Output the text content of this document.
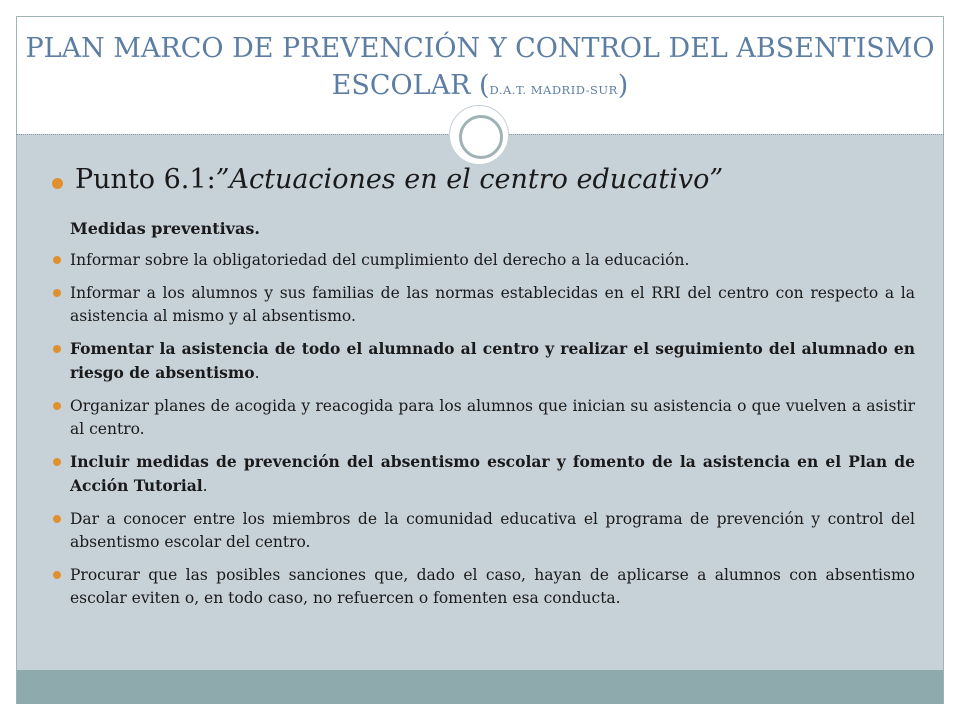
PLAN MARCO DE PREVENCIÓN Y CONTROL DEL ABSENTISMO ESCOLAR (D.A.T. MADRID-SUR)
Punto 6.1:”Actuaciones en el centro educativo”
Medidas preventivas.
Informar sobre la obligatoriedad del cumplimiento del derecho a la educación.
Informar a los alumnos y sus familias de las normas establecidas en el RRI del centro con respecto a la asistencia al mismo y al absentismo.
Fomentar la asistencia de todo el alumnado al centro y realizar el seguimiento del alumnado en riesgo de absentismo.
Organizar planes de acogida y reacogida para los alumnos que inician su asistencia o que vuelven a asistir al centro.
Incluir medidas de prevención del absentismo escolar y fomento de la asistencia en el Plan de Acción Tutorial.
Dar a conocer entre los miembros de la comunidad educativa el programa de prevención y control del absentismo escolar del centro.
Procurar que las posibles sanciones que, dado el caso, hayan de aplicarse a alumnos con absentismo escolar eviten o, en todo caso, no refuercen o fomenten esa conducta.
